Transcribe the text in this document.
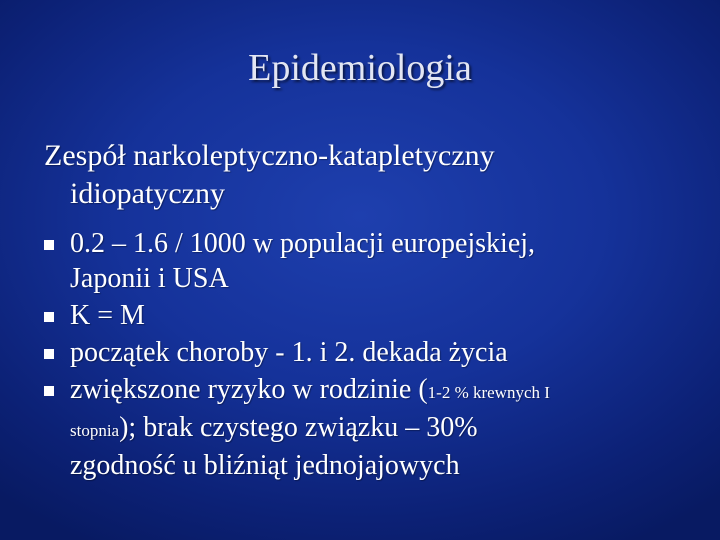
Epidemiologia
Zespół narkoleptyczno-katapletyczny
idiopatyczny
0.2 – 1.6 / 1000 w populacji europejskiej,
Japonii i USA
K = M
początek choroby - 1. i 2. dekada życia
zwiększone ryzyko w rodzinie (1-2 % krewnych I
stopnia); brak czystego związku – 30%
zgodność u bliźniąt jednojajowych
